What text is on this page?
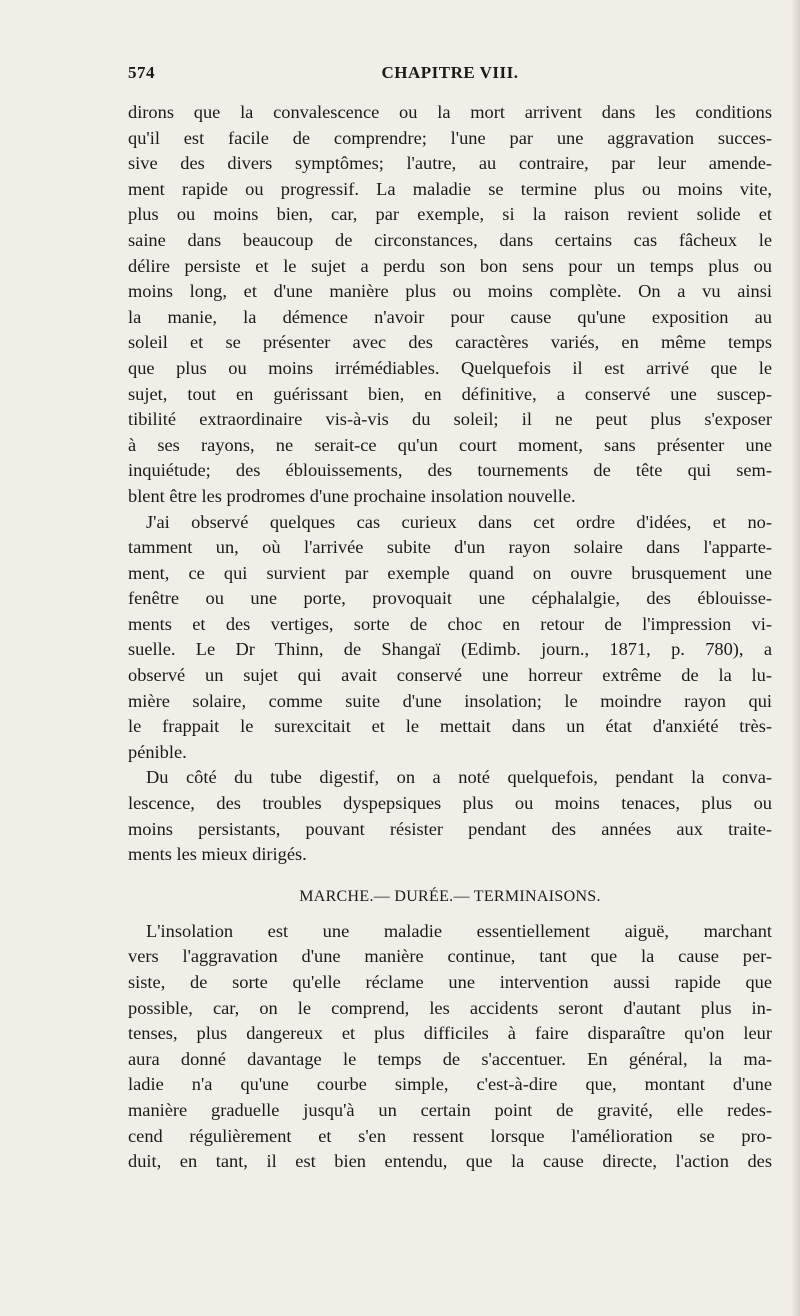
574	CHAPITRE VIII.
dirons que la convalescence ou la mort arrivent dans les conditions
qu'il est facile de comprendre; l'une par une aggravation succes-
sive des divers symptômes; l'autre, au contraire, par leur amende-
ment rapide ou progressif. La maladie se termine plus ou moins vite,
plus ou moins bien, car, par exemple, si la raison revient solide et
saine dans beaucoup de circonstances, dans certains cas fâcheux le
délire persiste et le sujet a perdu son bon sens pour un temps plus ou
moins long, et d'une manière plus ou moins complète. On a vu ainsi
la manie, la démence n'avoir pour cause qu'une exposition au
soleil et se présenter avec des caractères variés, en même temps
que plus ou moins irrémédiables. Quelquefois il est arrivé que le
sujet, tout en guérissant bien, en définitive, a conservé une suscep-
tibilité extraordinaire vis-à-vis du soleil; il ne peut plus s'exposer
à ses rayons, ne serait-ce qu'un court moment, sans présenter une
inquiétude; des éblouissements, des tournements de tête qui sem-
blent être les prodromes d'une prochaine insolation nouvelle.
J'ai observé quelques cas curieux dans cet ordre d'idées, et no-
tamment un, où l'arrivée subite d'un rayon solaire dans l'apparte-
ment, ce qui survient par exemple quand on ouvre brusquement une
fenêtre ou une porte, provoquait une céphalalgie, des éblouisse-
ments et des vertiges, sorte de choc en retour de l'impression vi-
suelle. Le Dr Thinn, de Shangaï (Edimb. journ., 1871, p. 780), a
observé un sujet qui avait conservé une horreur extrême de la lu-
mière solaire, comme suite d'une insolation; le moindre rayon qui
le frappait le surexcitait et le mettait dans un état d'anxiété très-
pénible.
Du côté du tube digestif, on a noté quelquefois, pendant la conva-
lescence, des troubles dyspepsiques plus ou moins tenaces, plus ou
moins persistants, pouvant résister pendant des années aux traite-
ments les mieux dirigés.
MARCHE.— DURÉE.— TERMINAISONS.
L'insolation est une maladie essentiellement aiguë, marchant
vers l'aggravation d'une manière continue, tant que la cause per-
siste, de sorte qu'elle réclame une intervention aussi rapide que
possible, car, on le comprend, les accidents seront d'autant plus in-
tenses, plus dangereux et plus difficiles à faire disparaître qu'on leur
aura donné davantage le temps de s'accentuer. En général, la ma-
ladie n'a qu'une courbe simple, c'est-à-dire que, montant d'une
manière graduelle jusqu'à un certain point de gravité, elle redes-
cend régulièrement et s'en ressent lorsque l'amélioration se pro-
duit, en tant, il est bien entendu, que la cause directe, l'action des
